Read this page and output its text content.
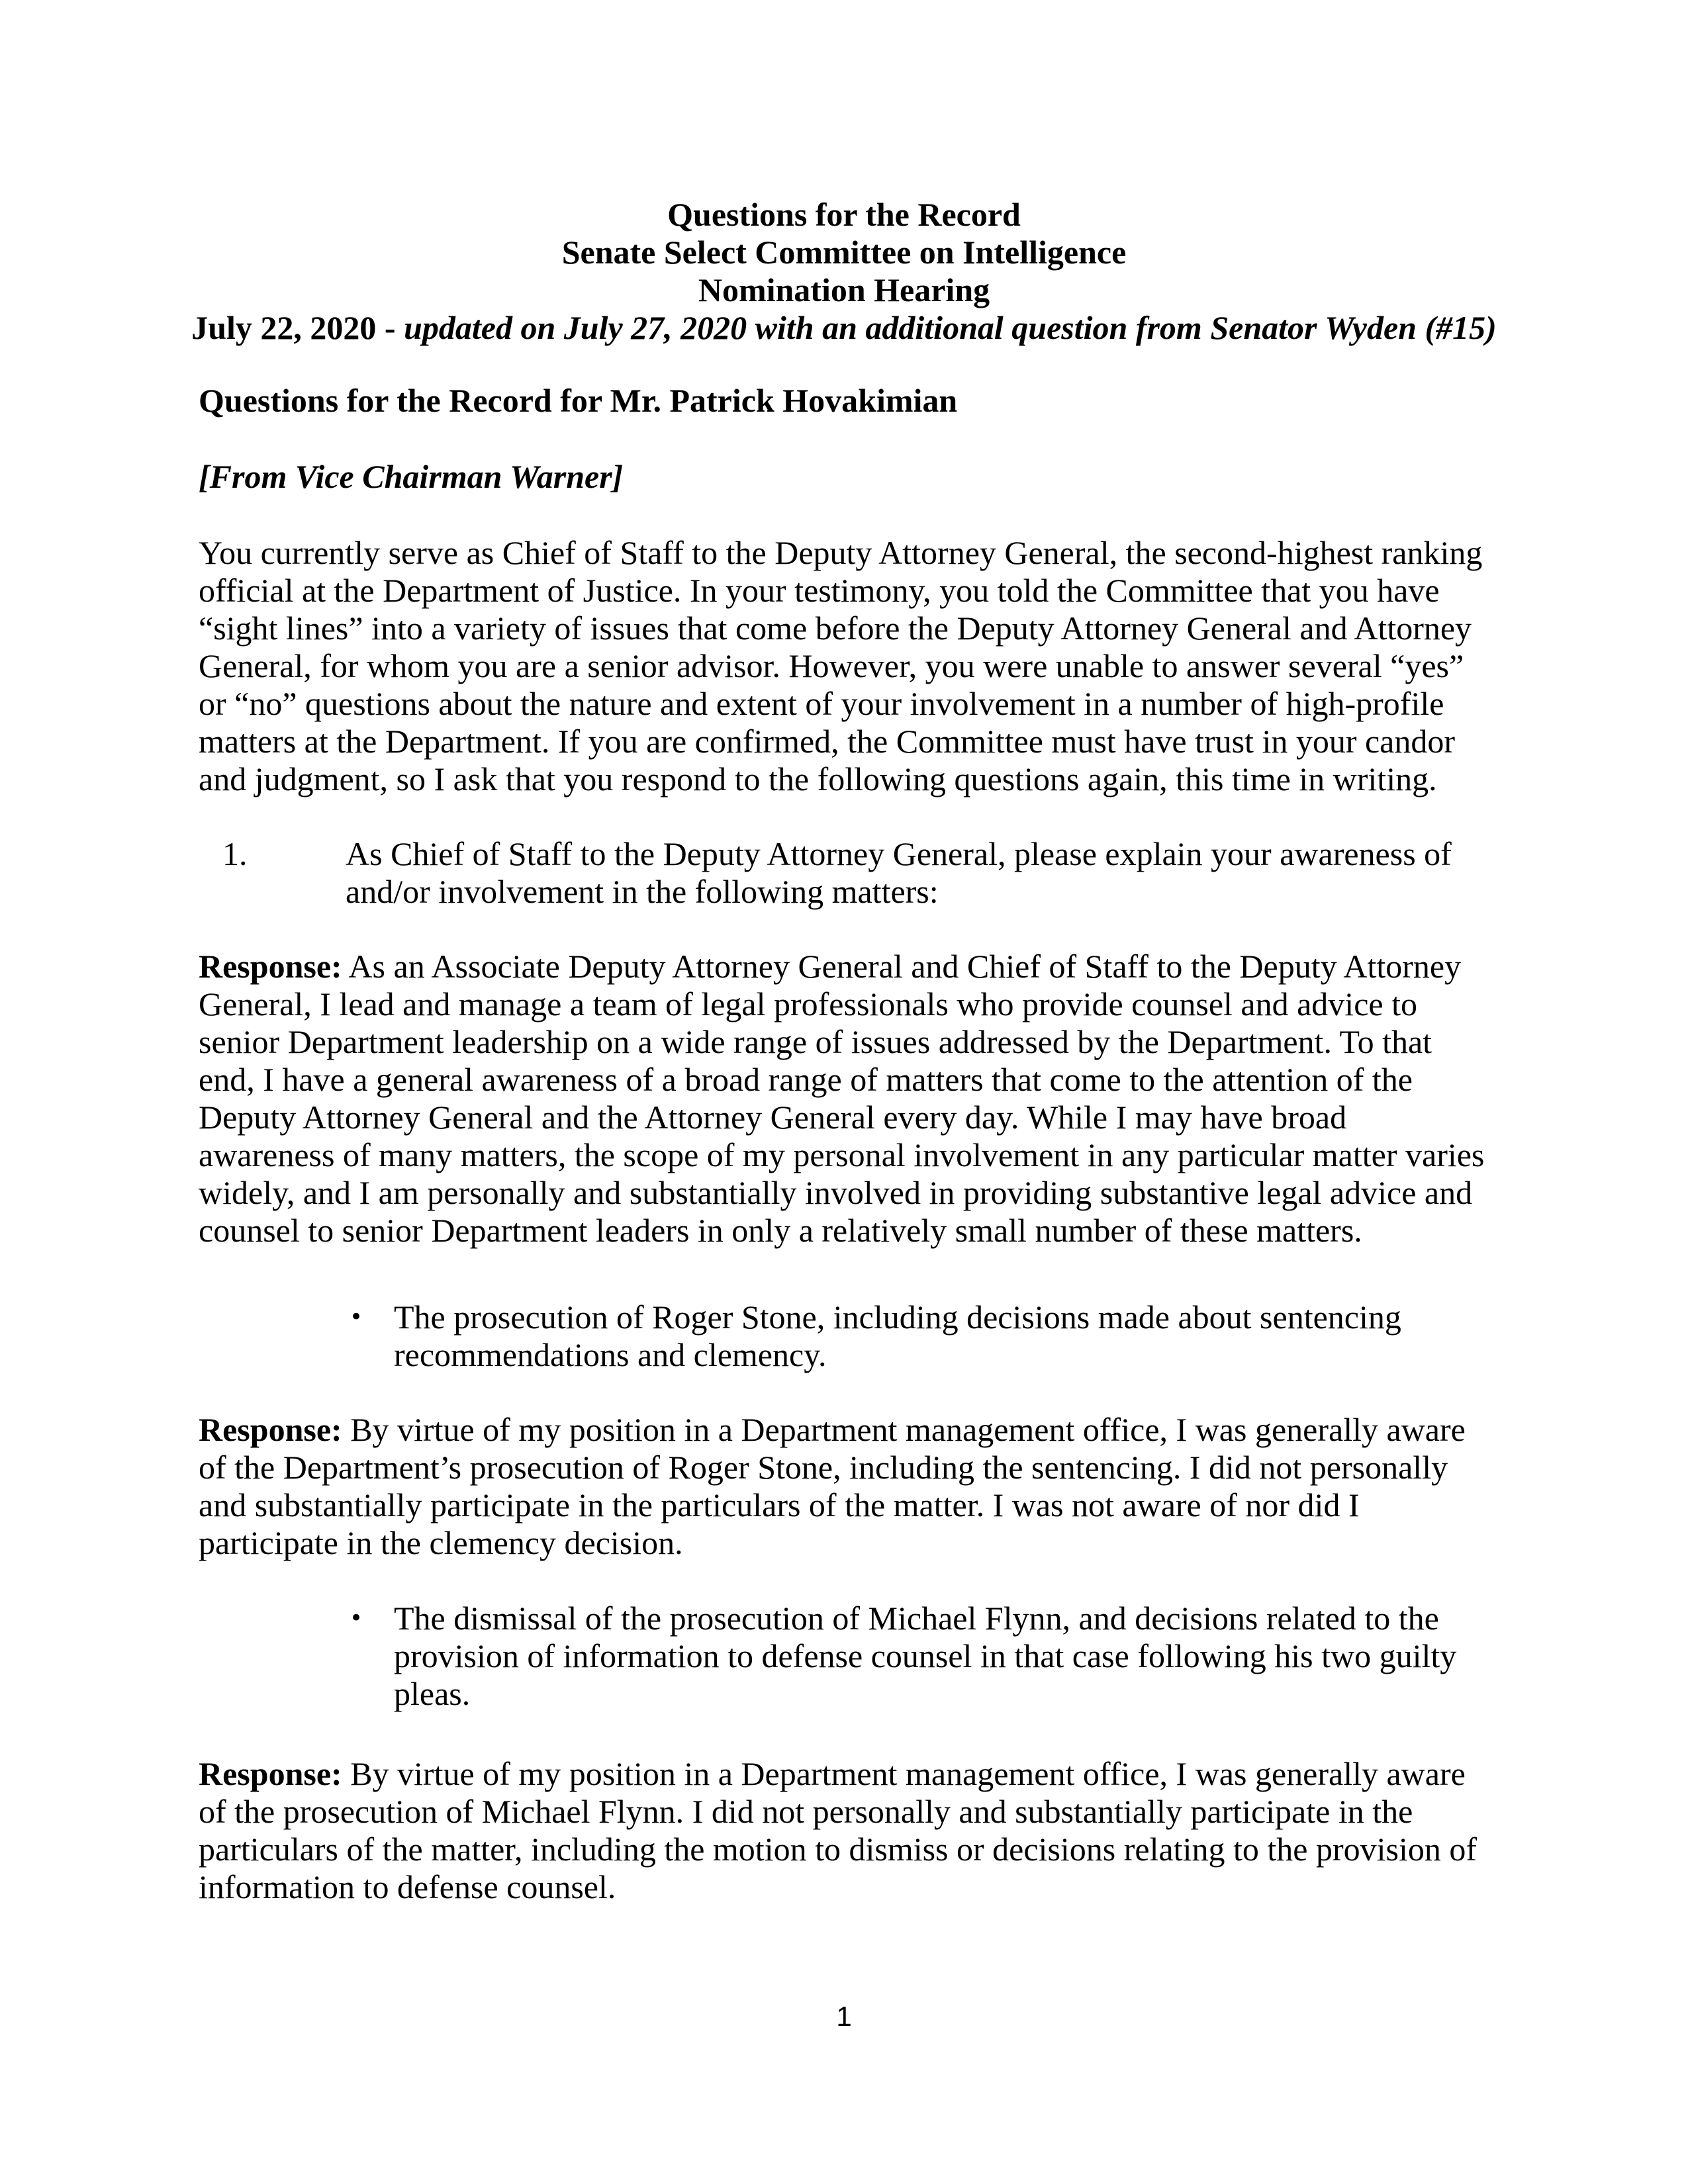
Questions for the Record
Senate Select Committee on Intelligence
Nomination Hearing
July 22, 2020 - updated on July 27, 2020 with an additional question from Senator Wyden (#15)
Questions for the Record for Mr. Patrick Hovakimian
[From Vice Chairman Warner]
You currently serve as Chief of Staff to the Deputy Attorney General, the second-highest ranking
official at the Department of Justice. In your testimony, you told the Committee that you have
“sight lines” into a variety of issues that come before the Deputy Attorney General and Attorney
General, for whom you are a senior advisor. However, you were unable to answer several “yes”
or “no” questions about the nature and extent of your involvement in a number of high-profile
matters at the Department. If you are confirmed, the Committee must have trust in your candor
and judgment, so I ask that you respond to the following questions again, this time in writing.
1.	As Chief of Staff to the Deputy Attorney General, please explain your awareness of
and/or involvement in the following matters:
Response: As an Associate Deputy Attorney General and Chief of Staff to the Deputy Attorney
General, I lead and manage a team of legal professionals who provide counsel and advice to
senior Department leadership on a wide range of issues addressed by the Department. To that
end, I have a general awareness of a broad range of matters that come to the attention of the
Deputy Attorney General and the Attorney General every day. While I may have broad
awareness of many matters, the scope of my personal involvement in any particular matter varies
widely, and I am personally and substantially involved in providing substantive legal advice and
counsel to senior Department leaders in only a relatively small number of these matters.
• The prosecution of Roger Stone, including decisions made about sentencing
recommendations and clemency.
Response: By virtue of my position in a Department management office, I was generally aware
of the Department’s prosecution of Roger Stone, including the sentencing. I did not personally
and substantially participate in the particulars of the matter. I was not aware of nor did I
participate in the clemency decision.
• The dismissal of the prosecution of Michael Flynn, and decisions related to the
provision of information to defense counsel in that case following his two guilty
pleas.
Response: By virtue of my position in a Department management office, I was generally aware
of the prosecution of Michael Flynn. I did not personally and substantially participate in the
particulars of the matter, including the motion to dismiss or decisions relating to the provision of
information to defense counsel.
1
